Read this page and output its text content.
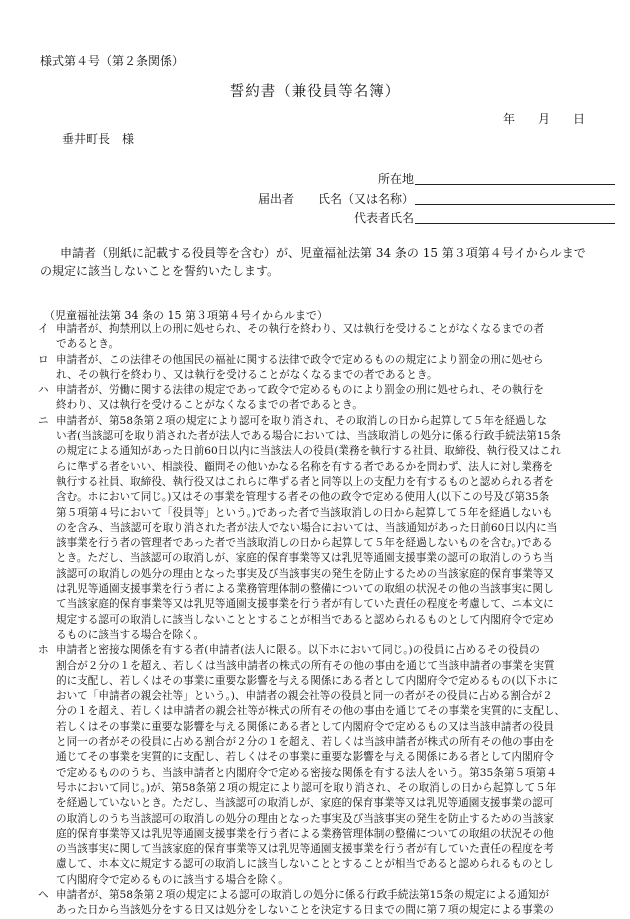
様式第４号（第２条関係）
誓約書（兼役員等名簿）
年 月 日
垂井町長　様
所在地
届出者 氏名（又は名称）
代表者氏名

申請者（別紙に記載する役員等を含む）が、児童福祉法第 34 条の 15 第３項第４号イからルまで

の規定に該当しないことを誓約いたします。

（児童福祉法第 34 条の 15 第３項第４号イからルまで）
イ 申請者が、拘禁刑以上の刑に処せられ、その執行を終わり、又は執行を受けることがなくなるまでの者
であるとき。
ロ 申請者が、この法律その他国民の福祉に関する法律で政令で定めるものの規定により罰金の刑に処せら
れ、その執行を終わり、又は執行を受けることがなくなるまでの者であるとき。
ハ 申請者が、労働に関する法律の規定であって政令で定めるものにより罰金の刑に処せられ、その執行を
終わり、又は執行を受けることがなくなるまでの者であるとき。
ニ 申請者が、第58条第２項の規定により認可を取り消され、その取消しの日から起算して５年を経過しな
い者(当該認可を取り消された者が法人である場合においては、当該取消しの処分に係る行政手続法第15条
の規定による通知があった日前60日以内に当該法人の役員(業務を執行する社員、取締役、執行役又はこれ
らに準ずる者をいい、相談役、顧問その他いかなる名称を有する者であるかを問わず、法人に対し業務を
執行する社員、取締役、執行役又はこれらに準ずる者と同等以上の支配力を有するものと認められる者を
含む。ホにおいて同じ。)又はその事業を管理する者その他の政令で定める使用人(以下この号及び第35条
第５項第４号において「役員等」という。)であった者で当該取消しの日から起算して５年を経過しないも
のを含み、当該認可を取り消された者が法人でない場合においては、当該通知があった日前60日以内に当
該事業を行う者の管理者であった者で当該取消しの日から起算して５年を経過しないものを含む。)である
とき。ただし、当該認可の取消しが、家庭的保育事業等又は乳児等通園支援事業の認可の取消しのうち当
該認可の取消しの処分の理由となった事実及び当該事実の発生を防止するための当該家庭的保育事業等又
は乳児等通園支援事業を行う者による業務管理体制の整備についての取組の状況その他の当該事実に関し
て当該家庭的保育事業等又は乳児等通園支援事業を行う者が有していた責任の程度を考慮して、ニ本文に
規定する認可の取消しに該当しないこととすることが相当であると認められるものとして内閣府令で定め
るものに該当する場合を除く。
ホ 申請者と密接な関係を有する者(申請者(法人に限る。以下ホにおいて同じ。)の役員に占めるその役員の
割合が２分の１を超え、若しくは当該申請者の株式の所有その他の事由を通じて当該申請者の事業を実質
的に支配し、若しくはその事業に重要な影響を与える関係にある者として内閣府令で定めるもの(以下ホに
おいて「申請者の親会社等」という。)、申請者の親会社等の役員と同一の者がその役員に占める割合が２
分の１を超え、若しくは申請者の親会社等が株式の所有その他の事由を通じてその事業を実質的に支配し、
若しくはその事業に重要な影響を与える関係にある者として内閣府令で定めるもの又は当該申請者の役員
と同一の者がその役員に占める割合が２分の１を超え、若しくは当該申請者が株式の所有その他の事由を
通じてその事業を実質的に支配し、若しくはその事業に重要な影響を与える関係にある者として内閣府令
で定めるもののうち、当該申請者と内閣府令で定める密接な関係を有する法人をいう。第35条第５項第４
号ホにおいて同じ。)が、第58条第２項の規定により認可を取り消され、その取消しの日から起算して５年
を経過していないとき。ただし、当該認可の取消しが、家庭的保育事業等又は乳児等通園支援事業の認可
の取消しのうち当該認可の取消しの処分の理由となった事実及び当該事実の発生を防止するための当該家
庭的保育事業等又は乳児等通園支援事業を行う者による業務管理体制の整備についての取組の状況その他
の当該事実に関して当該家庭的保育事業等又は乳児等通園支援事業を行う者が有していた責任の程度を考
慮して、ホ本文に規定する認可の取消しに該当しないこととすることが相当であると認められるものとし
て内閣府令で定めるものに該当する場合を除く。
ヘ 申請者が、第58条第２項の規定による認可の取消しの処分に係る行政手続法第15条の規定による通知が
あった日から当該処分をする日又は処分をしないことを決定する日までの間に第７項の規定による事業の
